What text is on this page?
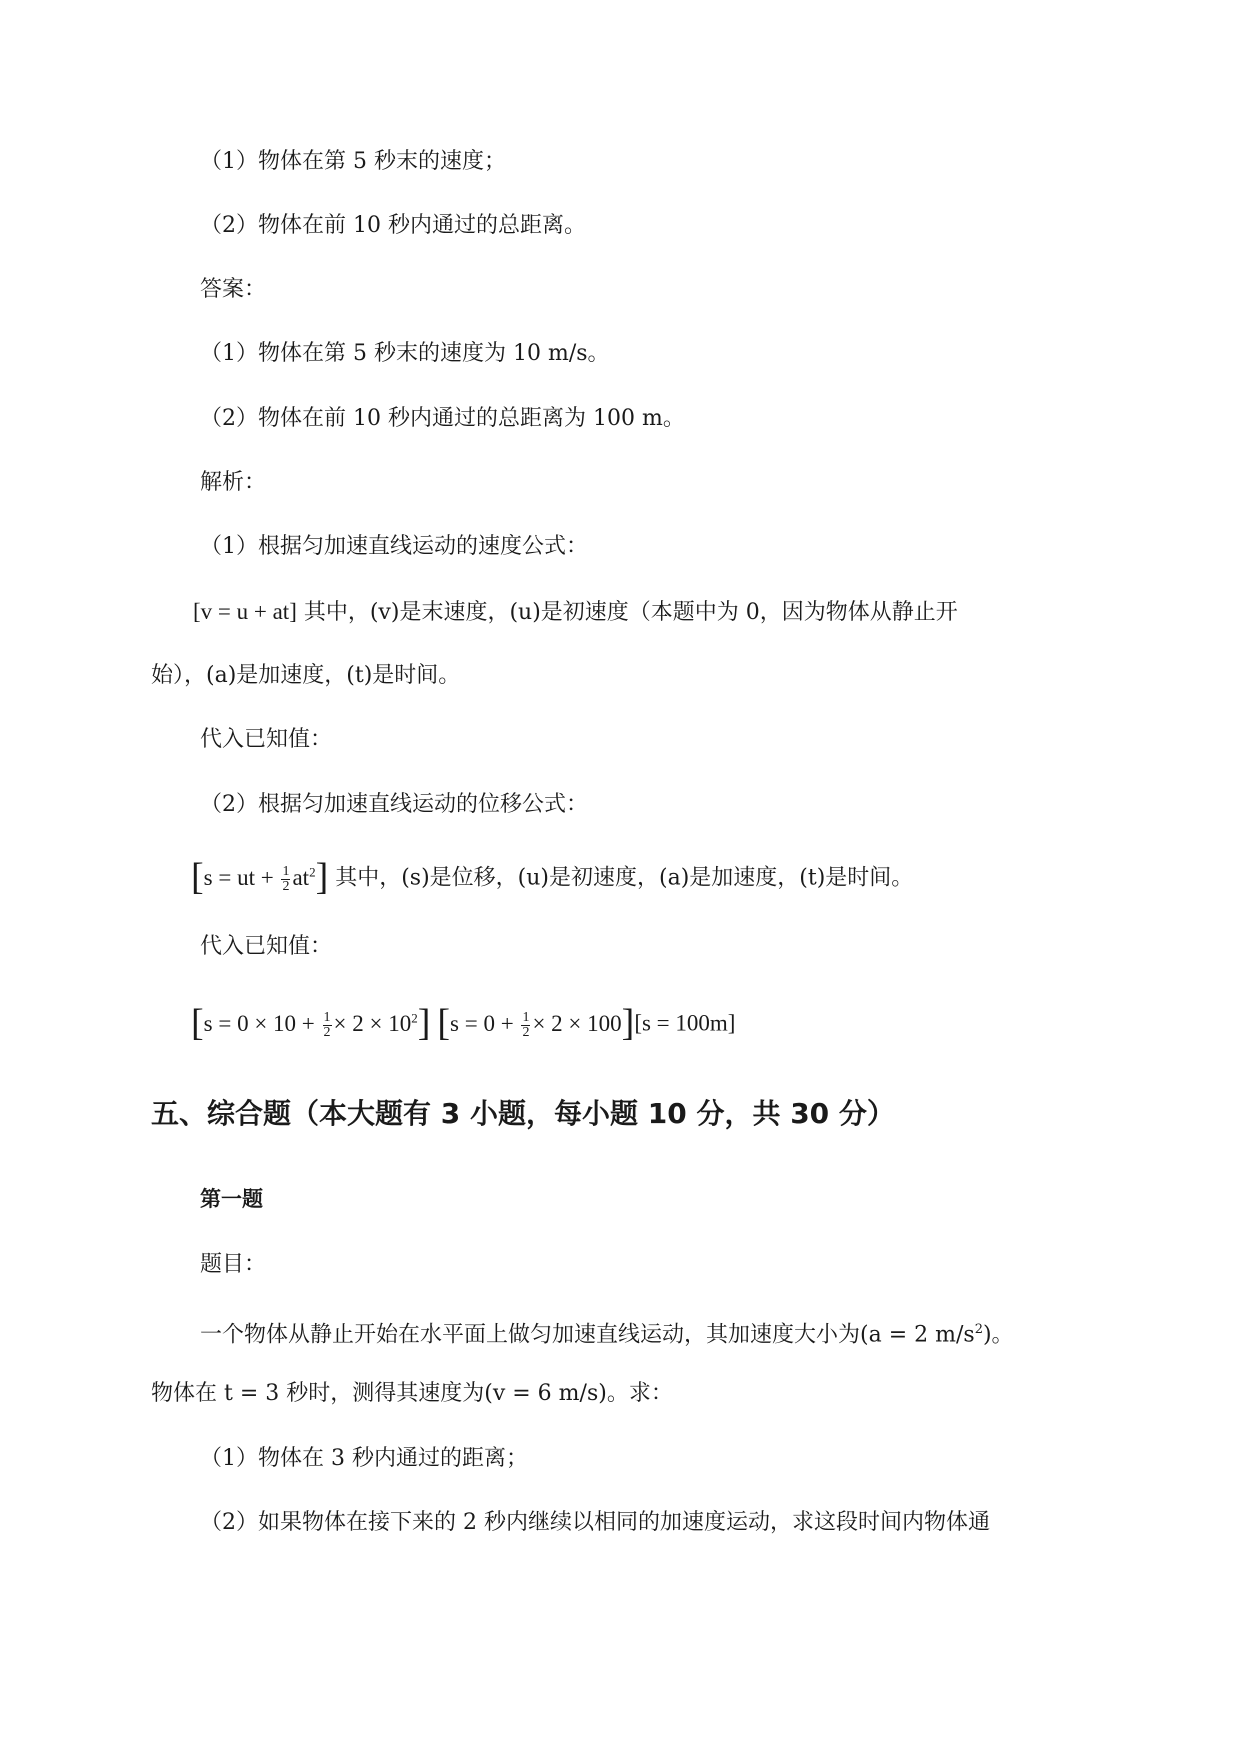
（1）物体在第 5 秒末的速度；
（2）物体在前 10 秒内通过的总距离。
答案：
（1）物体在第 5 秒末的速度为 10 m/s。
（2）物体在前 10 秒内通过的总距离为 100 m。
解析：
（1）根据匀加速直线运动的速度公式：
[v = u + at] 其中，(v)是末速度，(u)是初速度（本题中为 0，因为物体从静止开
始），(a)是加速度，(t)是时间。
代入已知值：
（2）根据匀加速直线运动的位移公式：
[s = ut + $\frac{1}{2} at^2$] 其中，(s)是位移，(u)是初速度，(a)是加速度，(t)是时间。
代入已知值：
$[s = 0 \times 10 + \frac{1}{2} \times 2 \times 10^2]$ $[s = 0 + \frac{1}{2} \times 2 \times 100][s = 100m]$
五、综合题（本大题有 3 小题，每小题 10 分，共 30 分）
第一题
题目：
一个物体从静止开始在水平面上做匀加速直线运动，其加速度大小为(a = 2 $m/s^2$)。
物体在 t = 3 秒时，测得其速度为(v = 6 m/s)。求：
（1）物体在 3 秒内通过的距离；
（2）如果物体在接下来的 2 秒内继续以相同的加速度运动，求这段时间内物体通
